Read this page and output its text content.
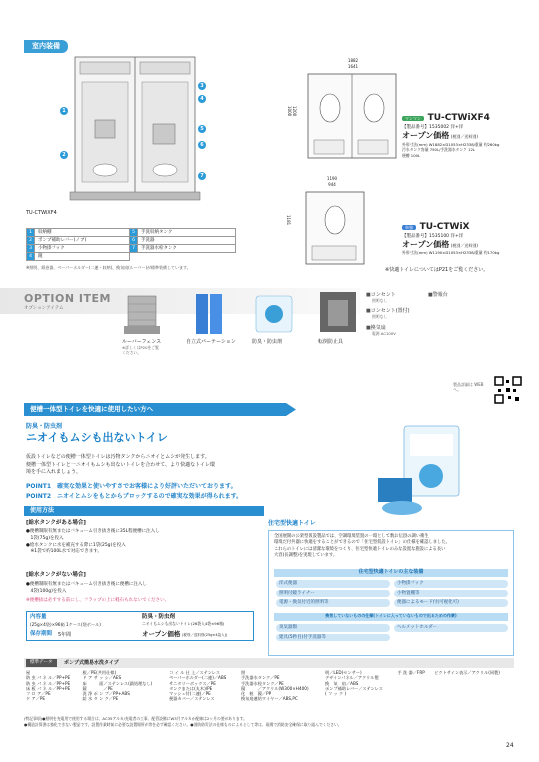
室内装備
3
4
1
5
6
2
7
TU-CTWiXF4
1	収納棚	5	手洗収納タンク
2	ポンプ補助レバー(ノブ)	6	手洗器
3	小物掛フック	7	手洗器水栓タンク
4	鏡		
※照明、紙巻器、ペーパーホルダー(二連・収納)、換気扇(ルーバー)が標準装備しています。
1882
1641
1000 1200
ワンマン TU-CTWiXF4
【製品番号】1535002 洋+洋
オープン価格 (税別／送料別)
外形寸法(mm) W1882×D1053×H2338/重量 約260kg
汚水タンク容量 750L/手洗器水タンク 12L
便槽 100L
1190
944
1181
単独 TU-CTWiX
【製品番号】1535100 洋+洋
オープン価格 (税別／送料別)
外形寸法(mm) W1190×D1053×H2338/重量 約170kg
※快適トイレについてはP21をご覧ください。
OPTION ITEM
オプションアイテム
ルーバーフェンス
※詳しくはP20をご覧ください。
自立式パーテーション	防臭・防虫剤	転倒防止具
■コンセント
照明なし
■警報台
■コンセント(置付)
照明なし
■換気扇
電源 AC100V
製品詳細は WEBへ。
便槽一体型トイレを快適に使用したい方へ
防臭・防虫剤
ニオイもムシも出ないトイレ
仮設トイレなどの便槽一体型トイレは汚物タンクからニオイとムシが発生します。
便槽一体型トイレと一ニオイもムシも出ないトイレを合わせて、より快適なトイレ環
境を手に入れましょう。
POINT1　 確実な効果と使いやすさでお客様により好評いただいております。
POINT2　 ニオイとムシをもとからブロックするので確実な効果が得られます。
使用方法
[給水タンクがある場合]
●便槽制限有無またはバキューム引き抜き後に35L程便槽に注入し
　1袋(75g)を投入
●給水タンクに水を補充する際に1袋(25g)を投入
　※1袋で約100L水で対応できます。
[給水タンクがない場合]
●便槽制限有無またはバキューム引き抜き後に便槽に注入し
　4袋(100g)を投入
※便槽抜は必ずする前にし、フラップの上に軽石もれないでください。
内容量
(25g×4袋)×96箱 1ケース(袋ボール)
保存期間 5年間
防臭・防虫剤
ニオイもムシも出ないトイレ(26袋入4袋×96箱)
オープン価格 (税別／送料別(25g×4袋入))
住宅型快適トイレ
全国展開の公衆型仮設製品では、空調環境装置の一環として数お伝頂の調い衛生
環境だ付共器に快適をすることができるので「住宅型仮設トイレ」の仕様を確認しました。
これらのトイレには清潔な環境をつくり、住宅型快適トイレのみな設置な施設による長い
大容(長調整)を実現しています。
住宅型快適トイレの主な装備
洋式便器	小物掛フック
照明付鏡ライナー	小物置棚等
電源・換気付近的照明等	便器によるモード付(可視化可)
換気していないものの仕様(トイレに入っていないもので出るための作業)
臭気器類	ヘルメットホルダー
建具(5秒目)付手洗器等
標準データ	ポンプ式簡易水洗タイプ
屋	根／PE(共用仕様)	コ イ ル 仕 上／ステンレス	照	明／LED(センサー)	手 洗 器／FRP	ピクトサイン表示／アクリル(同製)
防 虫 パ ネ ル／PP+PE	ド ア サ ッ シ／AES	ペーパーホルダー(二連)／ABS	手洗器水タンク／PE	デザインパネル／アクリル製		
防 虫 パ ネ ル／PP+PE	床　　　面／ステンレス(錆処理なし)	サニタリーボックス／PE	手洗器水栓タンク／PE	換　気　扇／ABS		
床 板 パ ネ ル／PP+PE	鏡　　　　／PE	タンクまたは(丸木)/PE	鏡　　　／アクリル(W300×H400)	ポンプ補助レバー／ステンレス		
フ ロ ア／PE	洗 浄 ポ ン プ／PP+ABS	マッシュ付(二連)／PE	化　粧　鏡／PP	( フ ッ ク )		
ド ア／PE	給 水 タ ン ク／PE	便器カバー／ステンレス	換気扇連結ワイヤー／ABS,PC			
(特記事項)●照明を充電用で使用する場合は、AC35アルカ/充電者の工事、配管設備にW3月アルカか配線は2ヶ月の要があります。
●構造計算書は強化できない製品です。設置作業時前に必要な設置場所が等を必ず確認ください。●消防防災法の仕様ものによるとして等は、現場で消防安全確保に取り組んでください。
24
